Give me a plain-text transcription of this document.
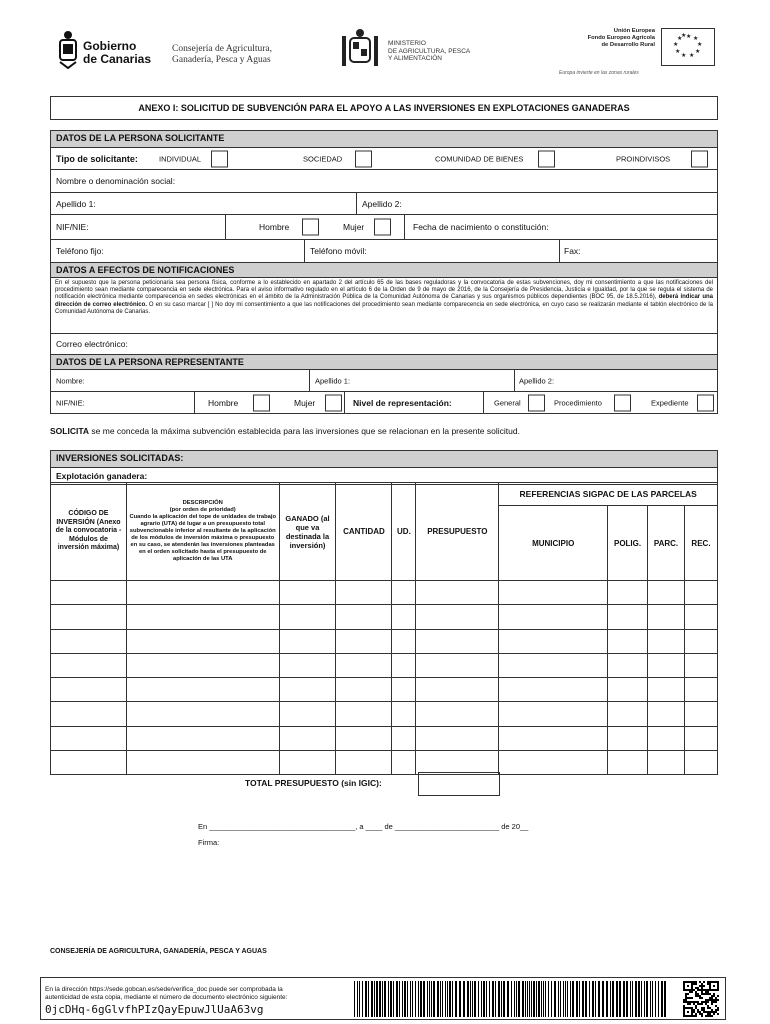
Gobierno
de Canarias
Consejería de Agricultura,
Ganadería, Pesca y Aguas
MINISTERIO
DE AGRICULTURA, PESCA
Y ALIMENTACIÓN
Unión Europea
Fondo Europeo Agrícola
de Desarrollo Rural
★ ★
★
★
★
★
★
★
★
★
Europa invierte en las zonas rurales
ANEXO I: SOLICITUD DE SUBVENCIÓN PARA EL APOYO A LAS INVERSIONES EN EXPLOTACIONES GANADERAS
DATOS DE LA PERSONA SOLICITANTE
Tipo de solicitante:	INDIVIDUAL	SOCIEDAD	COMUNIDAD DE BIENES	PROINDIVISOS
Nombre o denominación social:
Apellido 1:	Apellido 2:
NIF/NIE:	Hombre	Mujer	Fecha de nacimiento o constitución:
Teléfono fijo:	Teléfono móvil:	Fax:
DATOS A EFECTOS DE NOTIFICACIONES
En el supuesto que la persona peticionaria sea persona física, conforme a lo establecido en apartado 2 del artículo 65 de las bases reguladoras y la convocatoria de estas subvenciones, doy mi consentimiento a que las notificaciones del procedimiento sean mediante comparecencia en sede electrónica. Para el aviso informativo regulado en el artículo 6 de la Orden de 9 de mayo de 2016, de la Consejería de Presidencia, Justicia e Igualdad, por la que se regula el sistema de notificación electrónica mediante comparecencia en sedes electrónicas en el ámbito de la Administración Pública de la Comunidad Autónoma de Canarias y sus organismos públicos dependientes (BOC 95, de 18.5.2016), deberá indicar una dirección de correo electrónico. O en su caso marcar [ ] No doy mi consentimiento a que las notificaciones del procedimiento sean mediante comparecencia en sede electrónica, en cuyo caso se realizarán mediante el tablón electrónico de la Comunidad Autónoma de Canarias.
Correo electrónico:
DATOS DE LA PERSONA REPRESENTANTE
Nombre:	Apellido 1:	Apellido 2:
NIF/NIE:	Hombre	Mujer	Nivel de representación:	General	Procedimiento	Expediente
SOLICITA se me conceda la máxima subvención establecida para las inversiones que se relacionan en la presente solicitud.
INVERSIONES SOLICITADAS:
Explotación ganadera:
CÓDIGO DE INVERSIÓN (Anexo de la convocatoria - Módulos de inversión máxima)	DESCRIPCIÓN
(por orden de prioridad)
Cuando la aplicación del tope de unidades de trabajo agrario (UTA) dé lugar a un presupuesto total subvencionable inferior al resultante de la aplicación de los módulos de inversión máxima o presupuesto en su caso, se atenderán las inversiones planteadas en el orden solicitado hasta el presupuesto de aplicación de las UTA	GANADO (al que va destinada la inversión)	CANTIDAD	UD.	PRESUPUESTO	REFERENCIAS SIGPAC DE LAS PARCELAS			
						MUNICIPIO	POLIG.	PARC.	REC.

TOTAL PRESUPUESTO (sin IGIC):
En ___________________________________, a ____ de _________________________ de 20__
Firma:
CONSEJERÍA DE AGRICULTURA, GANADERÍA, PESCA Y AGUAS
En la dirección https://sede.gobcan.es/sede/verifica_doc puede ser comprobada la
autenticidad de esta copia, mediante el número de documento electrónico siguiente:
0jcDHq-6gGlvfhPIzQayEpuwJlUaA63vg
